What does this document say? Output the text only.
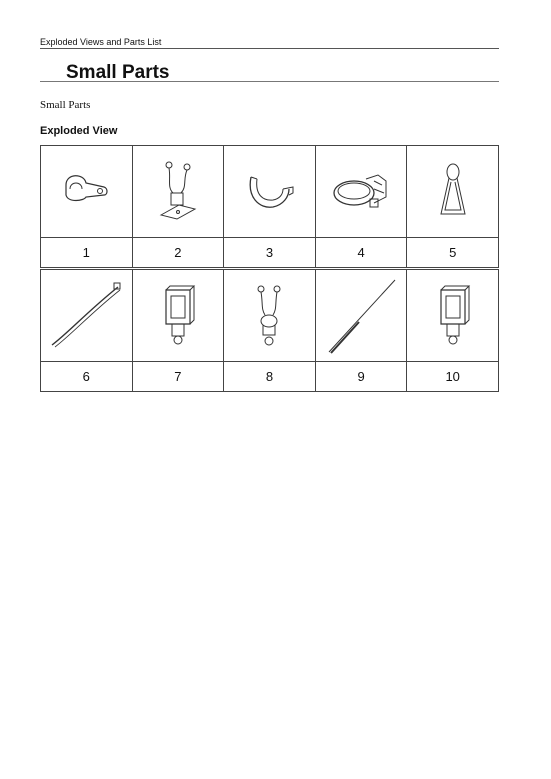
Exploded Views and Parts List
Small Parts
Small Parts
Exploded View

1	2	3	4	5

6	7	8	9	10
